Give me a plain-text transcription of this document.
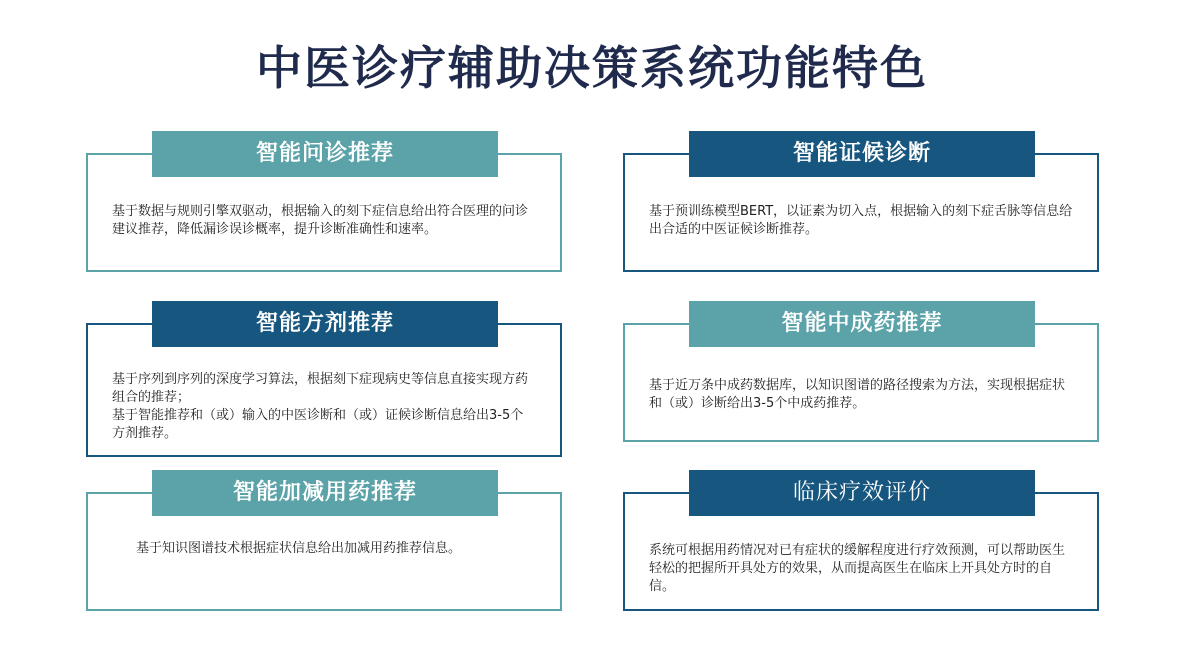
中医诊疗辅助决策系统功能特色
智能问诊推荐

基于数据与规则引擎双驱动，根据输入的刻下症信息给出符合医理的问诊建议推荐，降低漏诊误诊概率，提升诊断准确性和速率。

智能证候诊断

基于预训练模型BERT，以证素为切入点，根据输入的刻下症舌脉等信息给出合适的中医证候诊断推荐。

智能方剂推荐

基于序列到序列的深度学习算法，根据刻下症现病史等信息直接实现方药组合的推荐；

基于智能推荐和（或）输入的中医诊断和（或）证候诊断信息给出3-5个方剂推荐。

智能中成药推荐

基于近万条中成药数据库，以知识图谱的路径搜索为方法，实现根据症状和（或）诊断给出3-5个中成药推荐。

智能加减用药推荐

基于知识图谱技术根据症状信息给出加减用药推荐信息。

临床疗效评价

系统可根据用药情况对已有症状的缓解程度进行疗效预测，可以帮助医生轻松的把握所开具处方的效果，从而提高医生在临床上开具处方时的自信。
